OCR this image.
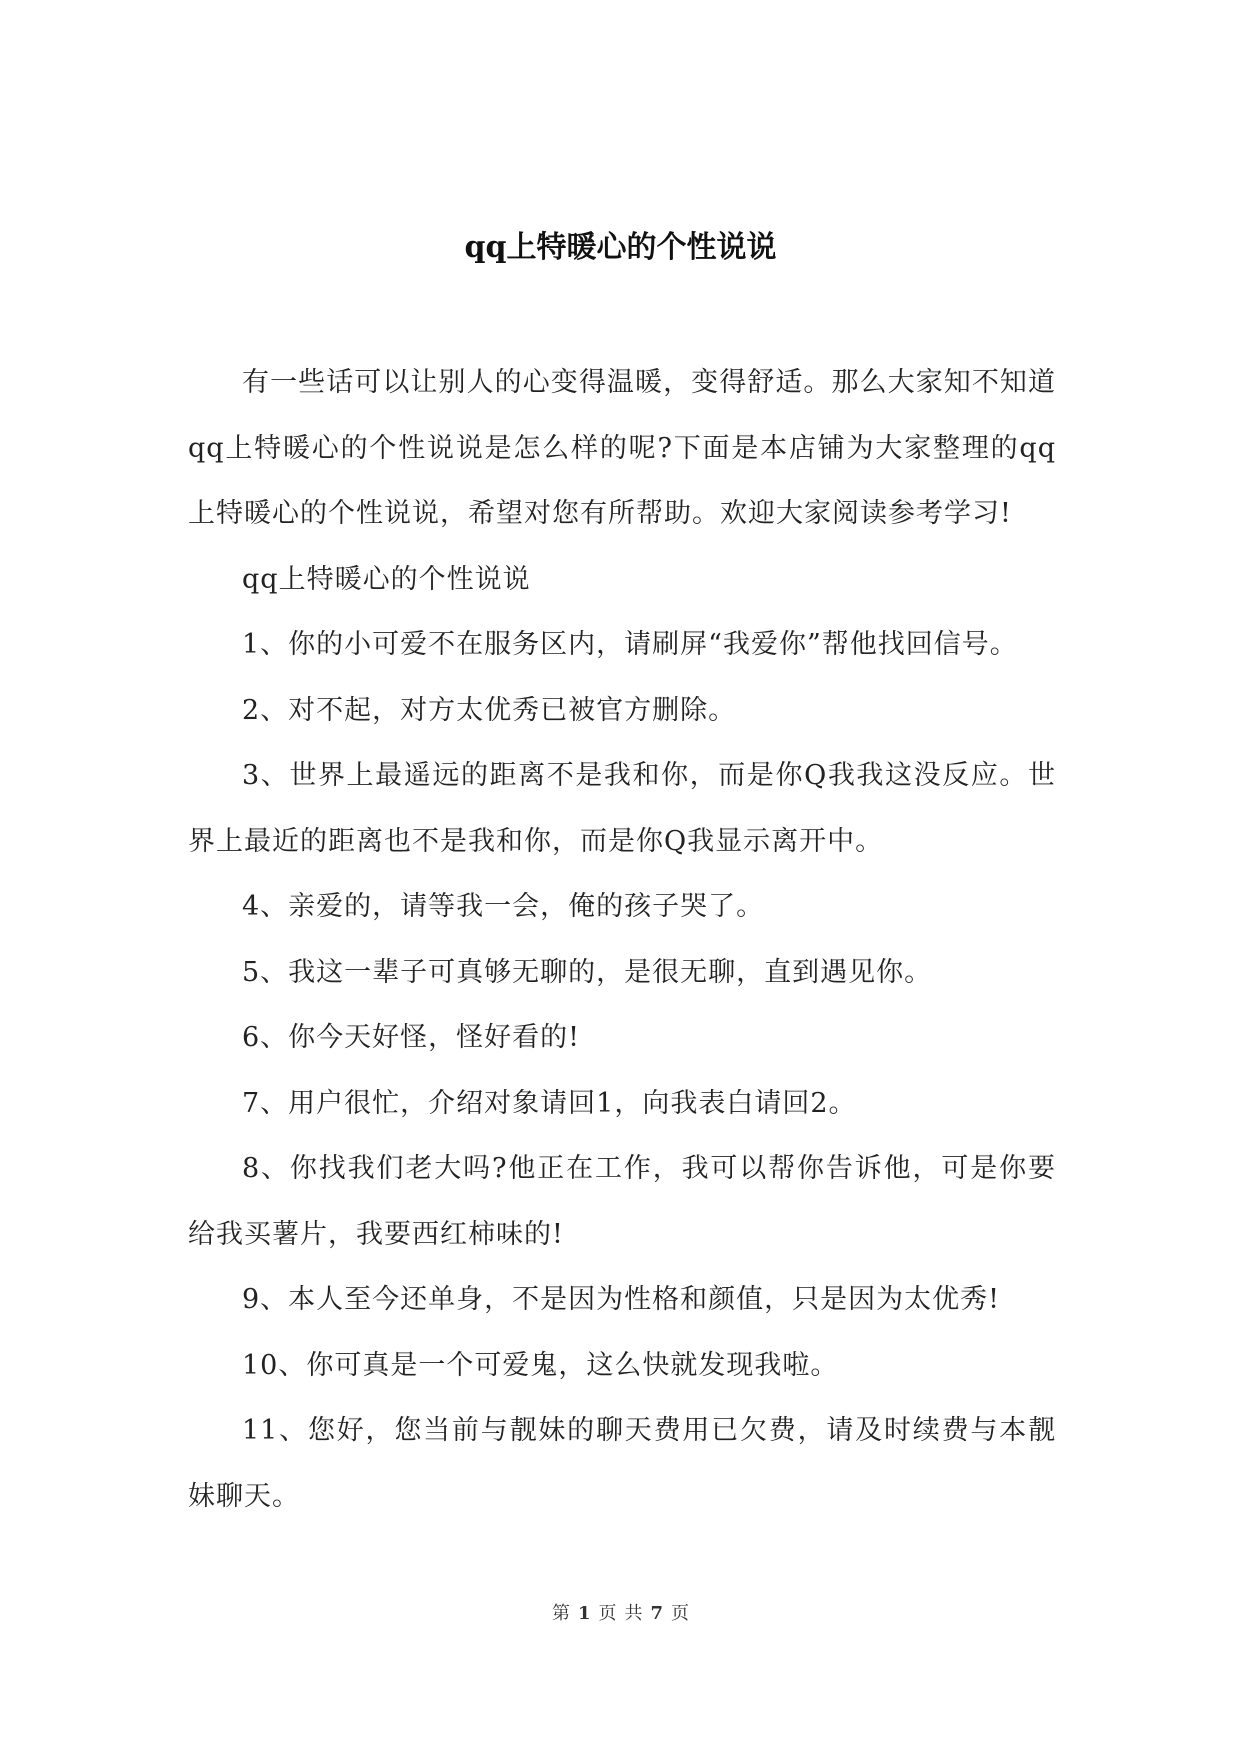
qq上特暖心的个性说说

有一些话可以让别人的心变得温暖，变得舒适。那么大家知不知道qq上特暖心的个性说说是怎么样的呢?下面是本店铺为大家整理的qq上特暖心的个性说说，希望对您有所帮助。欢迎大家阅读参考学习!

qq上特暖心的个性说说

1、你的小可爱不在服务区内，请刷屏“我爱你”帮他找回信号。

2、对不起，对方太优秀已被官方删除。

3、世界上最遥远的距离不是我和你，而是你Q我我这没反应。世界上最近的距离也不是我和你，而是你Q我显示离开中。

4、亲爱的，请等我一会，俺的孩子哭了。

5、我这一辈子可真够无聊的，是很无聊，直到遇见你。

6、你今天好怪，怪好看的!

7、用户很忙，介绍对象请回1，向我表白请回2。

8、你找我们老大吗?他正在工作，我可以帮你告诉他，可是你要给我买薯片，我要西红柿味的!

9、本人至今还单身，不是因为性格和颜值，只是因为太优秀!

10、你可真是一个可爱鬼，这么快就发现我啦。

11、您好，您当前与靓妹的聊天费用已欠费，请及时续费与本靓妹聊天。

第 1 页 共 7 页
